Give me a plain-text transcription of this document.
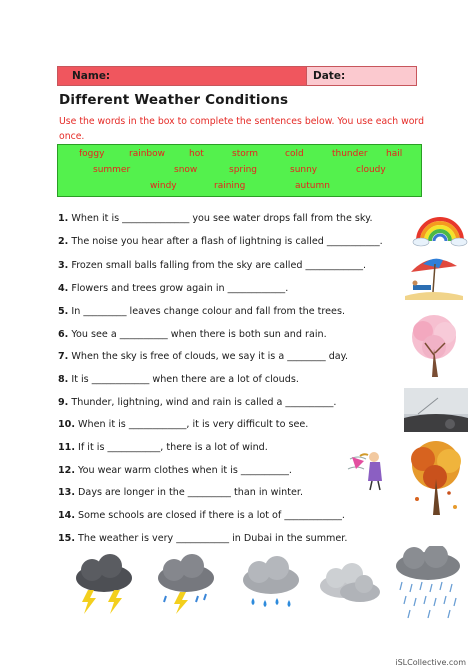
Name:	Date:
Different Weather Conditions
Use the words in the box to complete the sentences below. You use each word once.
foggy	rainbow	hot	storm	cold	thunder hail
summer	snow	spring	sunny	cloudy
windy	raining	autumn
1. When it is ______________ you see water drops fall from the sky.
2. The noise you hear after a flash of lightning is called ___________.
3. Frozen small balls falling from the sky are called ____________.
4. Flowers and trees grow again in ____________.
5. In _________ leaves change colour and fall from the trees.
6. You see a __________ when there is both sun and rain.
7. When the sky is free of clouds, we say it is a ________ day.
8. It is ____________ when there are a lot of clouds.
9. Thunder, lightning, wind and rain is called a __________.
10. When it is ____________, it is very difficult to see.
11. If it is ___________, there is a lot of wind.
12. You wear warm clothes when it is __________.
13. Days are longer in the _________ than in winter.
14. Some schools are closed if there is a lot of ____________.
15. The weather is very ___________ in Dubai in the summer.
iSLCollective.com
